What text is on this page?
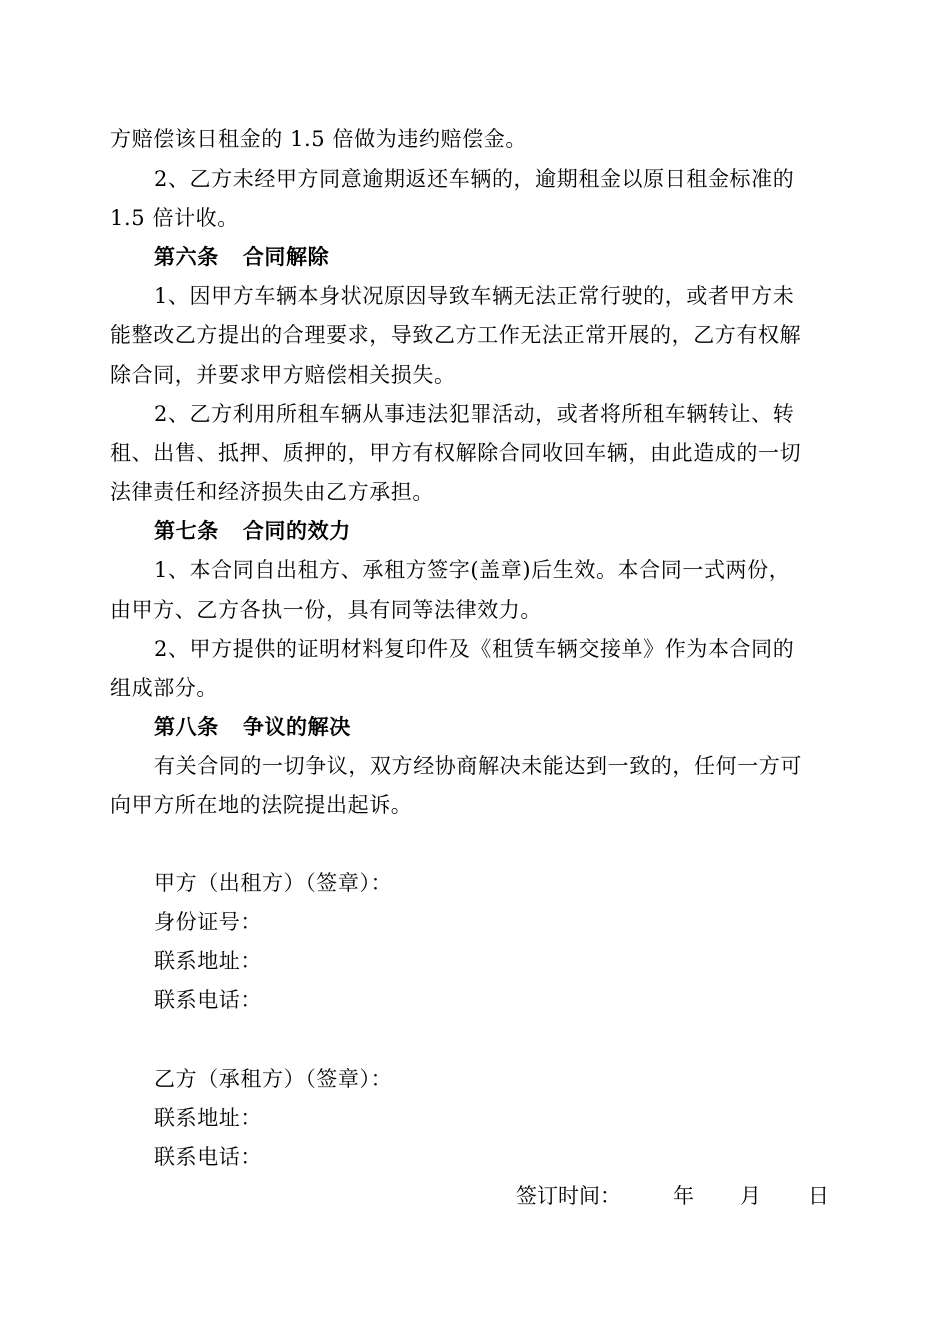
方赔偿该日租金的 1.5 倍做为违约赔偿金。
2、乙方未经甲方同意逾期返还车辆的，逾期租金以原日租金标准的
1.5 倍计收。
第六条 合同解除
1、因甲方车辆本身状况原因导致车辆无法正常行驶的，或者甲方未
能整改乙方提出的合理要求，导致乙方工作无法正常开展的，乙方有权解
除合同，并要求甲方赔偿相关损失。
2、乙方利用所租车辆从事违法犯罪活动，或者将所租车辆转让、转
租、出售、抵押、质押的，甲方有权解除合同收回车辆，由此造成的一切
法律责任和经济损失由乙方承担。
第七条 合同的效力
1、本合同自出租方、承租方签字(盖章)后生效。本合同一式两份，
由甲方、乙方各执一份，具有同等法律效力。
2、甲方提供的证明材料复印件及《租赁车辆交接单》作为本合同的
组成部分。
第八条 争议的解决
有关合同的一切争议，双方经协商解决未能达到一致的，任何一方可
向甲方所在地的法院提出起诉。
甲方（出租方）（签章）：
身份证号：
联系地址：
联系电话：
乙方（承租方）（签章）：
联系地址：
联系电话：
签订时间： 年 月 日
